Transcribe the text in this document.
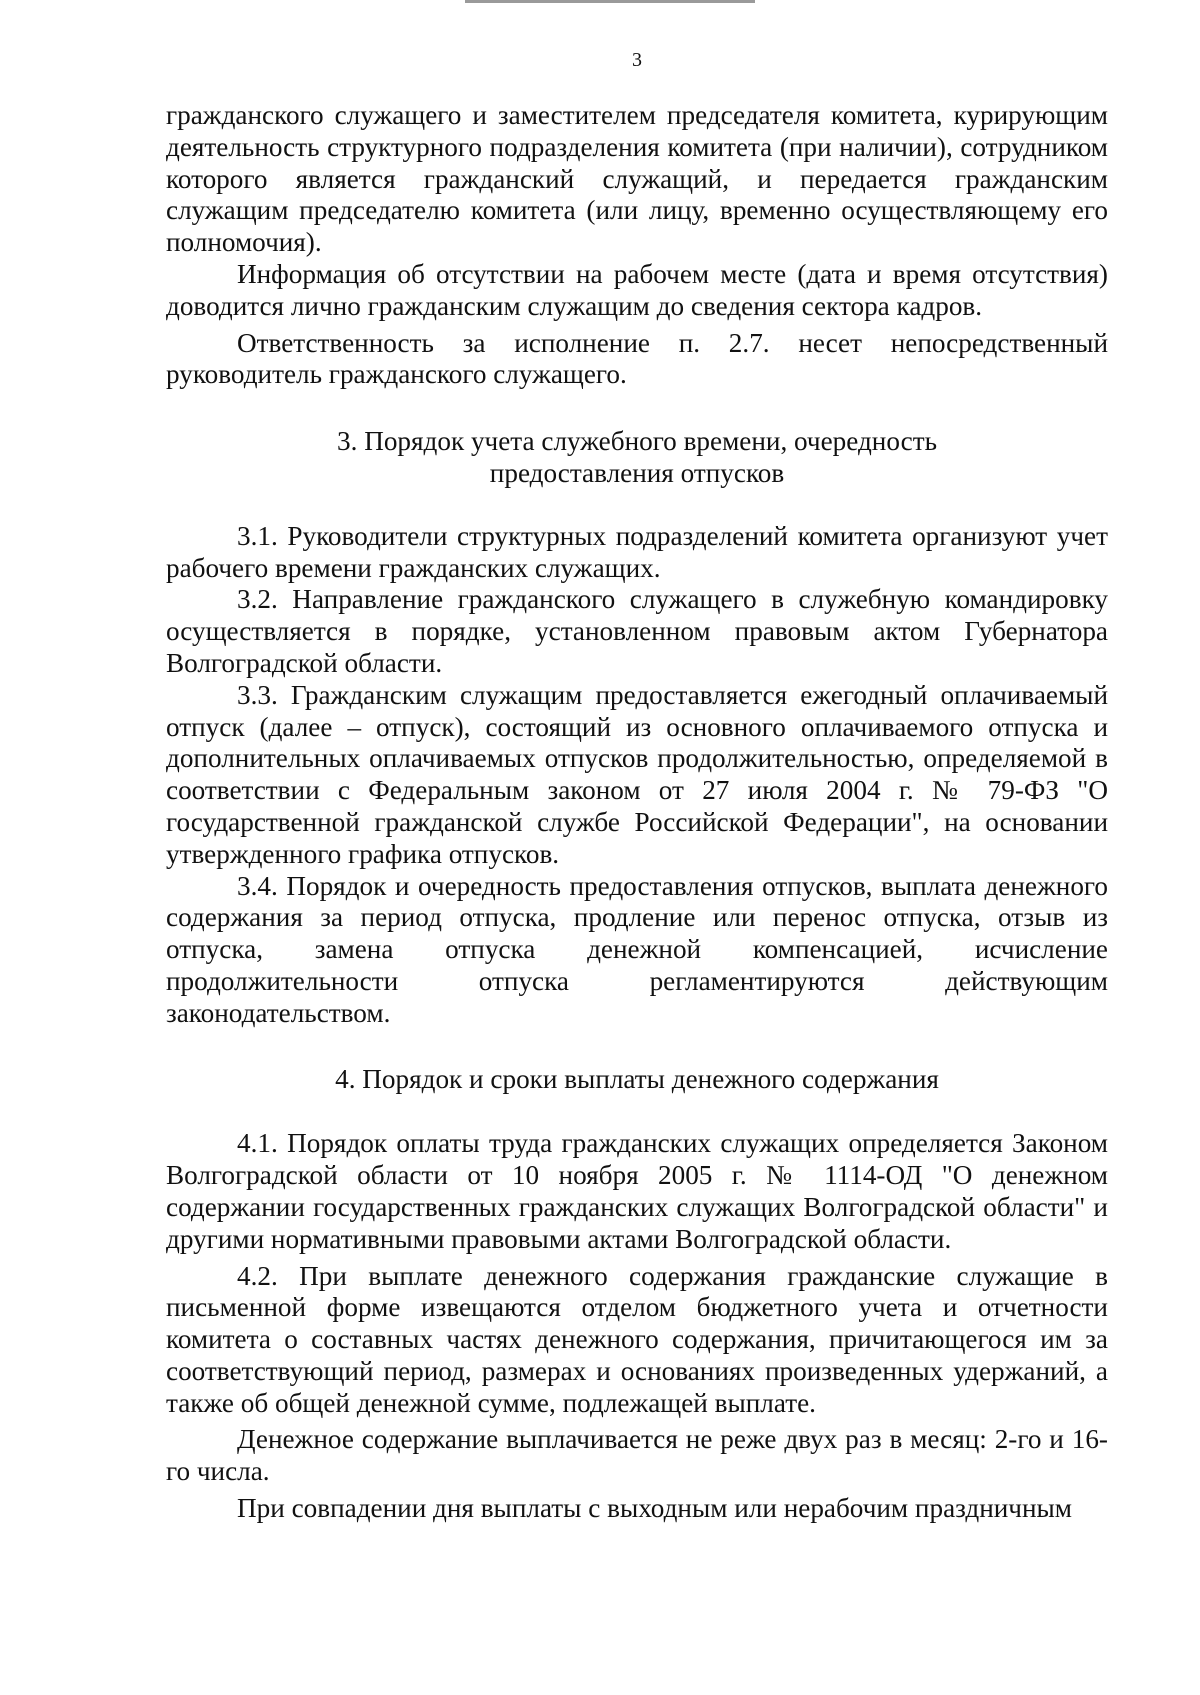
3

гражданского служащего и заместителем председателя комитета, курирующим деятельность структурного подразделения комитета (при наличии), сотрудником которого является гражданский служащий, и передается гражданским служащим председателю комитета (или лицу, временно осуществляющему его полномочия).

Информация об отсутствии на рабочем месте (дата и время отсутствия) доводится лично гражданским служащим до сведения сектора кадров.

Ответственность за исполнение п. 2.7. несет непосредственный руководитель гражданского служащего.

3. Порядок учета служебного времени, очередность
предоставления отпусков

3.1. Руководители структурных подразделений комитета организуют учет рабочего времени гражданских служащих.

3.2. Направление гражданского служащего в служебную командировку осуществляется в порядке, установленном правовым актом Губернатора Волгоградской области.

3.3. Гражданским служащим предоставляется ежегодный оплачиваемый отпуск (далее – отпуск), состоящий из основного оплачиваемого отпуска и дополнительных оплачиваемых отпусков продолжительностью, определяемой в соответствии с Федеральным законом от 27 июля 2004 г. № 79-ФЗ "О государственной гражданской службе Российской Федерации", на основании утвержденного графика отпусков.

3.4. Порядок и очередность предоставления отпусков, выплата денежного содержания за период отпуска, продление или перенос отпуска, отзыв из отпуска, замена отпуска денежной компенсацией, исчисление продолжительности отпуска регламентируются действующим законодательством.

4. Порядок и сроки выплаты денежного содержания

4.1. Порядок оплаты труда гражданских служащих определяется Законом Волгоградской области от 10 ноября 2005 г. № 1114-ОД "О денежном содержании государственных гражданских служащих Волгоградской области" и другими нормативными правовыми актами Волгоградской области.

4.2. При выплате денежного содержания гражданские служащие в письменной форме извещаются отделом бюджетного учета и отчетности комитета о составных частях денежного содержания, причитающегося им за соответствующий период, размерах и основаниях произведенных удержаний, а также об общей денежной сумме, подлежащей выплате.

Денежное содержание выплачивается не реже двух раз в месяц: 2-го и 16-го числа.

При совпадении дня выплаты с выходным или нерабочим праздничным
